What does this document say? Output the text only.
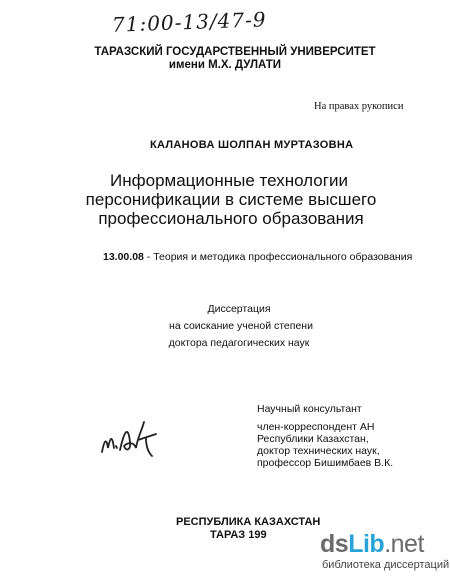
71:00-13/47-9
ТАРАЗСКИЙ ГОСУДАРСТВЕННЫЙ УНИВЕРСИТЕТ
имени М.Х. ДУЛАТИ
На правах рукописи
КАЛАНОВА ШОЛПАН МУРТАЗОВНА
Информационные технологии
персонификации в системе высшего
профессионального образования
13.00.08 - Теория и методика профессионального образования
Диссертация
на соискание ученой степени
доктора педагогических наук
Научный консультант
член-корреспондент АН
Республики Казахстан,
доктор технических наук,
профессор Бишимбаев В.К.
РЕСПУБЛИКА КАЗАХСТАН
ТАРАЗ 199 dsLib.net
библиотека диссертаций
